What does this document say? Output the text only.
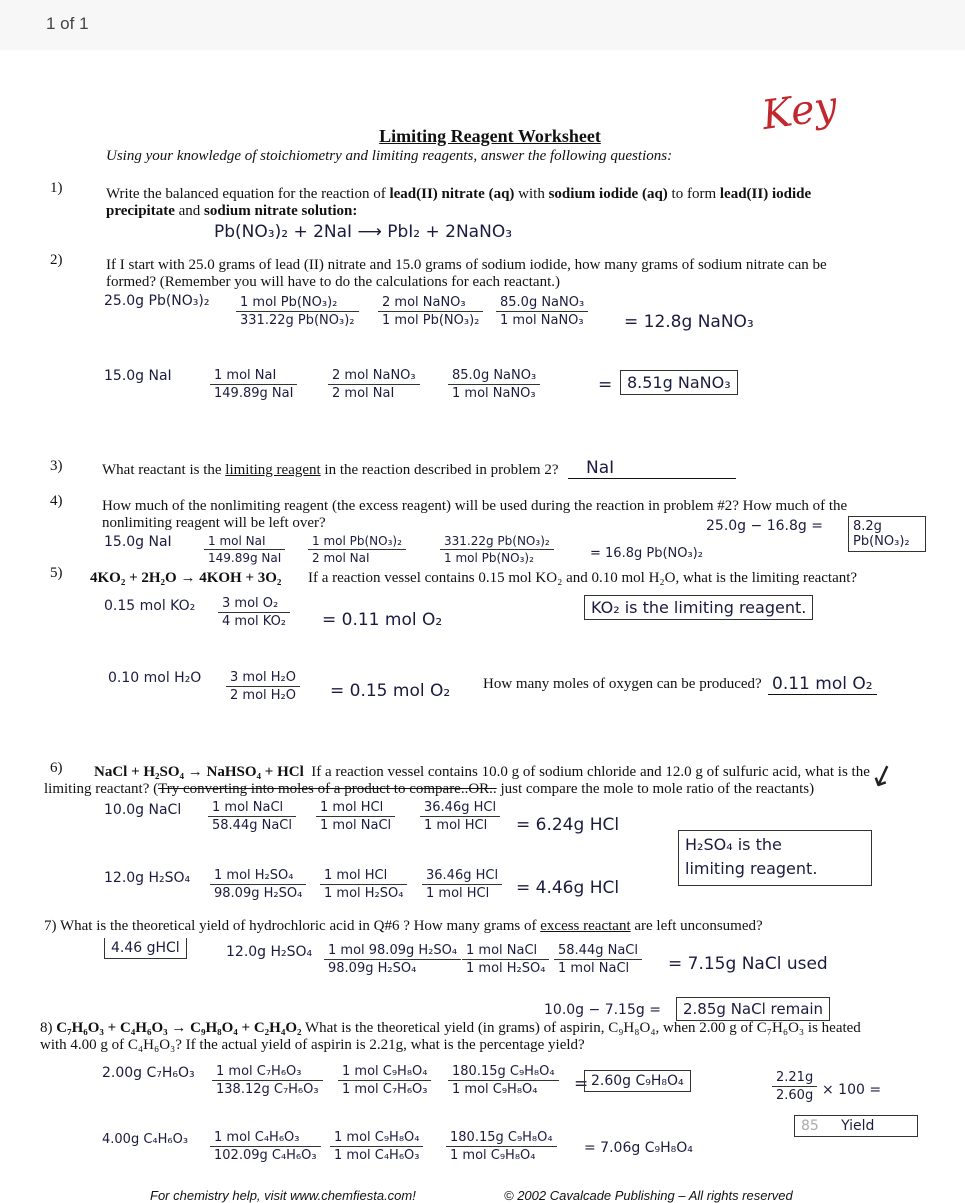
1 of 1
Key
Limiting Reagent Worksheet
Using your knowledge of stoichiometry and limiting reagents, answer the following questions:
1)	Write the balanced equation for the reaction of lead(II) nitrate (aq) with sodium iodide (aq) to form lead(II) iodide precipitate and sodium nitrate solution:
Pb(NO₃)₂ + 2NaI ⟶ PbI₂ + 2NaNO₃
2)	If I start with 25.0 grams of lead (II) nitrate and 15.0 grams of sodium iodide, how many grams of sodium nitrate can be formed? (Remember you will have to do the calculations for each reactant.)
25.0g Pb(NO₃)₂	1 mol Pb(NO₃)₂
331.22g Pb(NO₃)₂
2 mol NaNO₃
1 mol Pb(NO₃)₂
85.0g NaNO₃
1 mol NaNO₃ = 12.8g NaNO₃
15.0g NaI	1 mol NaI
149.89g NaI
2 mol NaNO₃
2 mol NaI
85.0g NaNO₃
1 mol NaNO₃	= 8.51g NaNO₃
3)	What reactant is the limiting reagent in the reaction described in problem 2?	NaI
4)	How much of the nonlimiting reagent (the excess reagent) will be used during the reaction in problem #2? How much of the nonlimiting reagent will be left over?	25.0g − 16.8g =	8.2g Pb(NO₃)₂
15.0g NaI	1 mol NaI
149.89g NaI
1 mol Pb(NO₃)₂
2 mol NaI
331.22g Pb(NO₃)₂
1 mol Pb(NO₃)₂	= 16.8g Pb(NO₃)₂
5) 4KO₂ + 2H₂O → 4KOH + 3O₂ If a reaction vessel contains 0.15 mol KO₂ and 0.10 mol H₂O, what is the limiting reactant?
0.15 mol KO₂	3 mol O₂
4 mol KO₂ = 0.11 mol O₂
KO₂ is the limiting reagent.
0.10 mol H₂O	3 mol H₂O
2 mol H₂O = 0.15 mol O₂ How many moles of oxygen can be produced? 0.11 mol O₂
6)	NaCl + H₂SO₄ → NaHSO₄ + HCl If a reaction vessel contains 10.0 g of sodium chloride and 12.0 g of sulfuric acid, what is the limiting reactant? (Try converting into moles of a product to compare..OR.. just compare the mole to mole ratio of the reactants)	↙
10.0g NaCl	1 mol NaCl
58.44g NaCl
1 mol HCl
1 mol NaCl
36.46g HCl
1 mol HCl	= 6.24g HCl
H₂SO₄ is the
limiting reagent.
12.0g H₂SO₄	1 mol H₂SO₄
98.09g H₂SO₄
1 mol HCl
1 mol H₂SO₄
36.46g HCl
1 mol HCl	= 4.46g HCl
7) What is the theoretical yield of hydrochloric acid in Q#6 ? How many grams of excess reactant are left unconsumed?
4.46 gHCl	12.0g H₂SO₄	1 mol 98.09g H₂SO₄
98.09g H₂SO₄
1 mol NaCl
1 mol H₂SO₄
58.44g NaCl
1 mol NaCl	= 7.15g NaCl used
10.0g − 7.15g =	2.85g NaCl remain
8) C₇H₆O₃ + C₄H₆O₃ → C₉H₈O₄ + C₂H₄O₂ What is the theoretical yield (in grams) of aspirin, C₉H₈O₄, when 2.00 g of C₇H₆O₃ is heated with 4.00 g of C₄H₆O₃? If the actual yield of aspirin is 2.21g, what is the percentage yield?
2.00g C₇H₆O₃	1 mol C₇H₆O₃
138.12g C₇H₆O₃
1 mol C₉H₈O₄
1 mol C₇H₆O₃
180.15g C₉H₈O₄
1 mol C₉H₈O₄	= 2.60g C₉H₈O₄	$\frac{2.21g}{2.60g} \times 100$ =
85 Yield
4.00g C₄H₆O₃	1 mol C₄H₆O₃
102.09g C₄H₆O₃
1 mol C₉H₈O₄
1 mol C₄H₆O₃
180.15g C₉H₈O₄
1 mol C₉H₈O₄	= 7.06g C₉H₈O₄
For chemistry help, visit www.chemfiesta.com!	© 2002 Cavalcade Publishing – All rights reserved
